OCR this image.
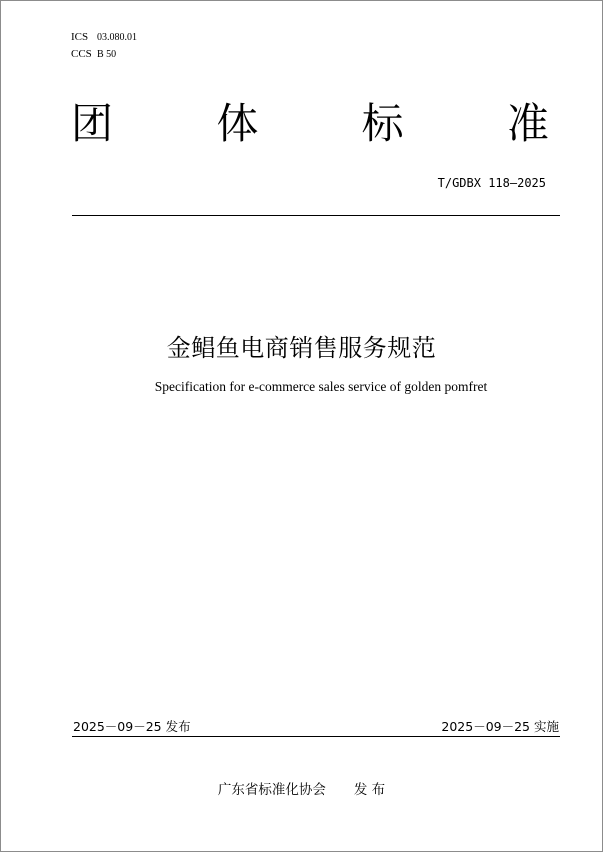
ICS 03.080.01
CCS B 50
团 体 标 准
T/GDBX 118—2025
金鲳鱼电商销售服务规范
Specification for e-commerce sales service of golden pomfret
2025－09－25 发布	2025－09－25 实施
广东省标准化协会 发 布
